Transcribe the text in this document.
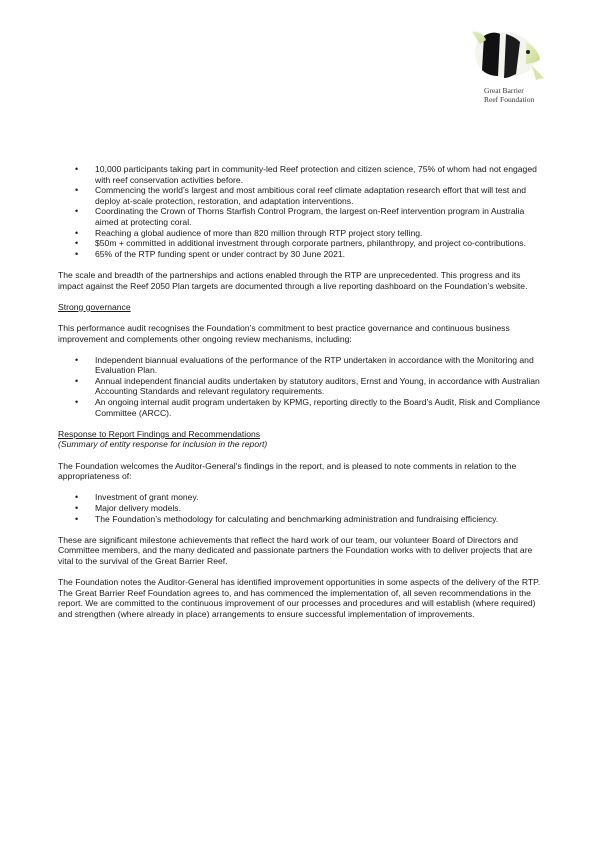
Great Barrier
Reef Foundation
• 10,000 participants taking part in community-led Reef protection and citizen science, 75% of whom had not engaged with reef conservation activities before.
• Commencing the world’s largest and most ambitious coral reef climate adaptation research effort that will test and deploy at-scale protection, restoration, and adaptation interventions.
• Coordinating the Crown of Thorns Starfish Control Program, the largest on-Reef intervention program in Australia aimed at protecting coral.
• Reaching a global audience of more than 820 million through RTP project story telling.
• $50m + committed in additional investment through corporate partners, philanthropy, and project co-contributions.
• 65% of the RTP funding spent or under contract by 30 June 2021.

The scale and breadth of the partnerships and actions enabled through the RTP are unprecedented. This progress and its impact against the Reef 2050 Plan targets are documented through a live reporting dashboard on the Foundation’s website.

Strong governance

This performance audit recognises the Foundation’s commitment to best practice governance and continuous business improvement and complements other ongoing review mechanisms, including:

• Independent biannual evaluations of the performance of the RTP undertaken in accordance with the Monitoring and Evaluation Plan.
• Annual independent financial audits undertaken by statutory auditors, Ernst and Young, in accordance with Australian Accounting Standards and relevant regulatory requirements.
• An ongoing internal audit program undertaken by KPMG, reporting directly to the Board’s Audit, Risk and Compliance Committee (ARCC).

Response to Report Findings and Recommendations

(Summary of entity response for inclusion in the report)

The Foundation welcomes the Auditor-General's findings in the report, and is pleased to note comments in relation to the appropriateness of:

• Investment of grant money.
• Major delivery models.
• The Foundation’s methodology for calculating and benchmarking administration and fundraising efficiency.

These are significant milestone achievements that reflect the hard work of our team, our volunteer Board of Directors and Committee members, and the many dedicated and passionate partners the Foundation works with to deliver projects that are vital to the survival of the Great Barrier Reef.

The Foundation notes the Auditor-General has identified improvement opportunities in some aspects of the delivery of the RTP. The Great Barrier Reef Foundation agrees to, and has commenced the implementation of, all seven recommendations in the report. We are committed to the continuous improvement of our processes and procedures and will establish (where required) and strengthen (where already in place) arrangements to ensure successful implementation of improvements.
